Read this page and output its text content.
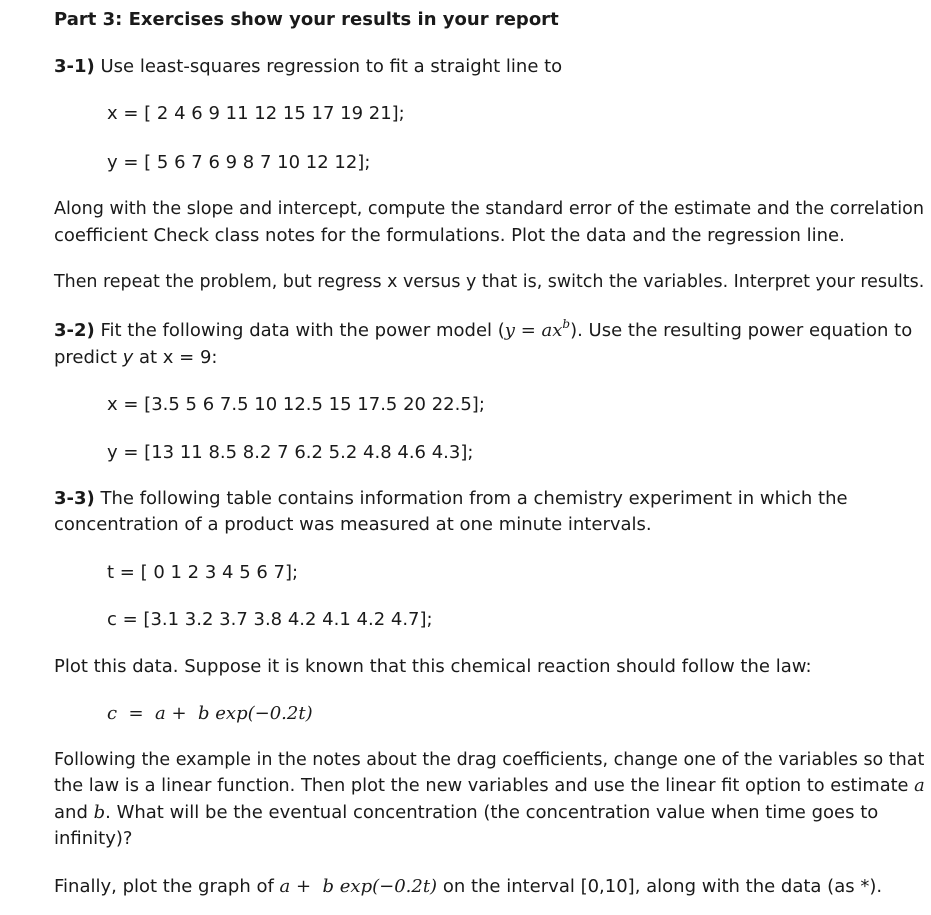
Part 3: Exercises show your results in your report

3-1) Use least-squares regression to fit a straight line to

x = [ 2 4 6 9 11 12 15 17 19 21];

y = [ 5 6 7 6 9 8 7 10 12 12];

Along with the slope and intercept, compute the standard error of the estimate and the correlation

coefficient Check class notes for the formulations. Plot the data and the regression line.

Then repeat the problem, but regress x versus y that is, switch the variables. Interpret your results.

3-2) Fit the following data with the power model $(y = ax^b)$. Use the resulting power equation to

predict y at x = 9:

x = [3.5 5 6 7.5 10 12.5 15 17.5 20 22.5];

y = [13 11 8.5 8.2 7 6.2 5.2 4.8 4.6 4.3];

3-3) The following table contains information from a chemistry experiment in which the

concentration of a product was measured at one minute intervals.

t = [ 0 1 2 3 4 5 6 7];

c = [3.1 3.2 3.7 3.8 4.2 4.1 4.2 4.7];

Plot this data. Suppose it is known that this chemical reaction should follow the law:

c  =  a +  b exp(−0.2t)

Following the example in the notes about the drag coefficients, change one of the variables so that

the law is a linear function. Then plot the new variables and use the linear fit option to estimate a

and b. What will be the eventual concentration (the concentration value when time goes to

infinity)?

Finally, plot the graph of a +  b exp(−0.2t) on the interval [0,10], along with the data (as *).
